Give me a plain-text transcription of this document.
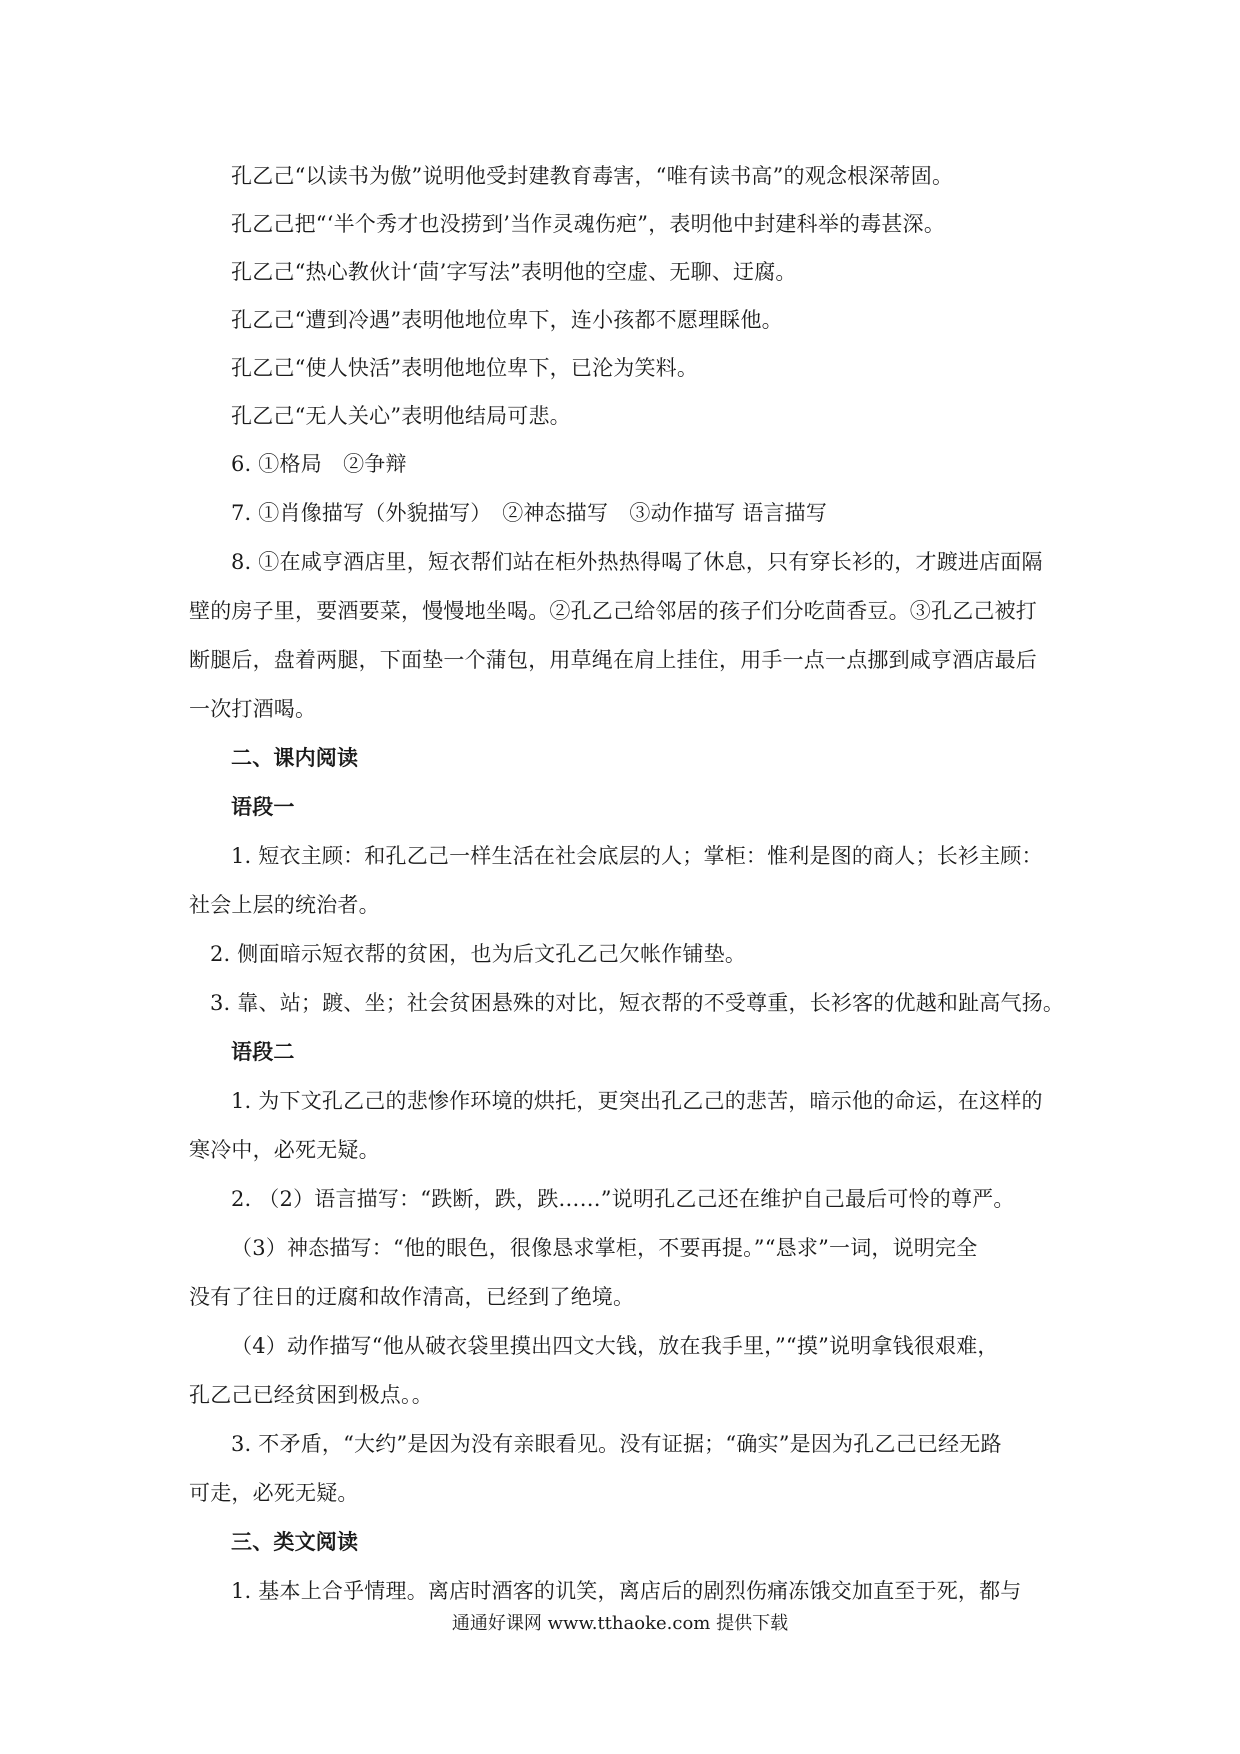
孔乙己“以读书为傲”说明他受封建教育毒害，“唯有读书高”的观念根深蒂固。
孔乙己把“‘半个秀才也没捞到’当作灵魂伤疤”，表明他中封建科举的毒甚深。
孔乙己“热心教伙计‘茴’字写法”表明他的空虚、无聊、迂腐。
孔乙己“遭到冷遇”表明他地位卑下，连小孩都不愿理睬他。
孔乙己“使人快活”表明他地位卑下，已沦为笑料。
孔乙己“无人关心”表明他结局可悲。
6. ①格局　②争辩
7. ①肖像描写（外貌描写）　②神态描写　③动作描写 语言描写
8. ①在咸亨酒店里，短衣帮们站在柜外热热得喝了休息，只有穿长衫的，才踱进店面隔
壁的房子里，要酒要菜，慢慢地坐喝。②孔乙己给邻居的孩子们分吃茴香豆。③孔乙己被打
断腿后，盘着两腿，下面垫一个蒲包，用草绳在肩上挂住，用手一点一点挪到咸亨酒店最后
一次打酒喝。
二、课内阅读
语段一
1. 短衣主顾：和孔乙己一样生活在社会底层的人；掌柜：惟利是图的商人；长衫主顾：
社会上层的统治者。
2. 侧面暗示短衣帮的贫困，也为后文孔乙己欠帐作铺垫。
3. 靠、站；踱、坐；社会贫困悬殊的对比，短衣帮的不受尊重，长衫客的优越和趾高气扬。
语段二
1. 为下文孔乙己的悲惨作环境的烘托，更突出孔乙己的悲苦，暗示他的命运，在这样的
寒冷中，必死无疑。
2. （2）语言描写：“跌断，跌，跌……”说明孔乙己还在维护自己最后可怜的尊严。
（3）神态描写：“他的眼色，很像恳求掌柜，不要再提。”“恳求”一词，说明完全
没有了往日的迂腐和故作清高，已经到了绝境。
（4）动作描写“他从破衣袋里摸出四文大钱，放在我手里，”“摸”说明拿钱很艰难，
孔乙己已经贫困到极点。。
3. 不矛盾，“大约”是因为没有亲眼看见。没有证据；“确实”是因为孔乙己已经无路
可走，必死无疑。
三、类文阅读
1. 基本上合乎情理。离店时酒客的讥笑，离店后的剧烈伤痛冻饿交加直至于死，都与
通通好课网 www.tthaoke.com 提供下载
